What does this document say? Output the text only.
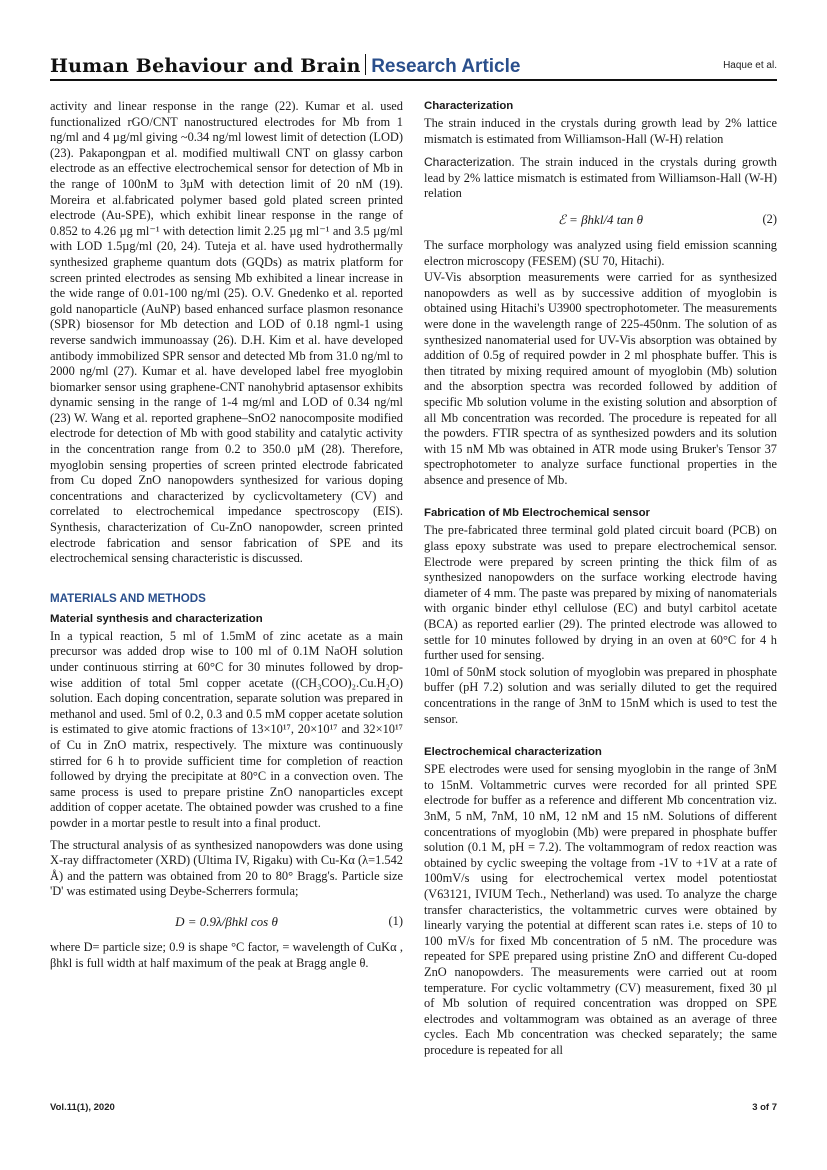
Human Behaviour and Brain Research Article	Haque et al.

activity and linear response in the range (22). Kumar et al. used functionalized rGO/CNT nanostructured electrodes for Mb from 1 ng/ml and 4 µg/ml giving ~0.34 ng/ml lowest limit of detection (LOD) (23). Pakapongpan et al. modified multiwall CNT on glassy carbon electrode as an effective electrochemical sensor for detection of Mb in the range of 100nM to 3µM with detection limit of 20 nM (19). Moreira et al.fabricated polymer based gold plated screen printed electrode (Au-SPE), which exhibit linear response in the range of 0.852 to 4.26 µg ml⁻¹ with detection limit 2.25 µg ml⁻¹ and 3.5 µg/ml with LOD 1.5µg/ml (20, 24). Tuteja et al. have used hydrothermally synthesized grapheme quantum dots (GQDs) as matrix platform for screen printed electrodes as sensing Mb exhibited a linear increase in the wide range of 0.01-100 ng/ml (25). O.V. Gnedenko et al. reported gold nanoparticle (AuNP) based enhanced surface plasmon resonance (SPR) biosensor for Mb detection and LOD of 0.18 ngml-1 using reverse sandwich immunoassay (26). D.H. Kim et al. have developed antibody immobilized SPR sensor and detected Mb from 31.0 ng/ml to 2000 ng/ml (27). Kumar et al. have developed label free myoglobin biomarker sensor using graphene-CNT nanohybrid aptasensor exhibits dynamic sensing in the range of 1-4 mg/ml and LOD of 0.34 ng/ml (23) W. Wang et al. reported graphene–SnO2 nanocomposite modified electrode for detection of Mb with good stability and catalytic activity in the concentration range from 0.2 to 350.0 µM (28). Therefore, myoglobin sensing properties of screen printed electrode fabricated from Cu doped ZnO nanopowders synthesized for various doping concentrations and characterized by cyclicvoltametery (CV) and correlated to electrochemical impedance spectroscopy (EIS). Synthesis, characterization of Cu-ZnO nanopowder, screen printed electrode fabrication and sensor fabrication of SPE and its electrochemical sensing characteristic is discussed.

MATERIALS AND METHODS
Material synthesis and characterization

In a typical reaction, 5 ml of 1.5mM of zinc acetate as a main precursor was added drop wise to 100 ml of 0.1M NaOH solution under continuous stirring at 60°C for 30 minutes followed by drop-wise addition of total 5ml copper acetate ((CH₃COO)₂.Cu.H₂O) solution. Each doping concentration, separate solution was prepared in methanol and used. 5ml of 0.2, 0.3 and 0.5 mM copper acetate solution is estimated to give atomic fractions of 13×10¹⁷, 20×10¹⁷ and 32×10¹⁷ of Cu in ZnO matrix, respectively. The mixture was continuously stirred for 6 h to provide sufficient time for completion of reaction followed by drying the precipitate at 80°C in a convection oven. The same process is used to prepare pristine ZnO nanoparticles except addition of copper acetate. The obtained powder was crushed to a fine powder in a mortar pestle to result into a final product.

The structural analysis of as synthesized nanopowders was done using X-ray diffractometer (XRD) (Ultima IV, Rigaku) with Cu-Kα (λ=1.542 Å) and the pattern was obtained from 20 to 80° Bragg's. Particle size 'D' was estimated using Deybe-Scherrers formula;

D = 0.9λ/βhkl cos θ	(1)

where D= particle size; 0.9 is shape °C factor, = wavelength of CuKα , βhkl is full width at half maximum of the peak at Bragg angle θ.

Characterization

The strain induced in the crystals during growth lead by 2% lattice mismatch is estimated from Williamson-Hall (W-H) relation

Characterization. The strain induced in the crystals during growth lead by 2% lattice mismatch is estimated from Williamson-Hall (W-H) relation

ℰ = βhkl/4 tan θ	(2)

The surface morphology was analyzed using field emission scanning electron microscopy (FESEM) (SU 70, Hitachi).

UV-Vis absorption measurements were carried for as synthesized nanopowders as well as by successive addition of myoglobin is obtained using Hitachi's U3900 spectrophotometer. The measurements were done in the wavelength range of 225-450nm. The solution of as synthesized nanomaterial used for UV-Vis absorption was obtained by addition of 0.5g of required powder in 2 ml phosphate buffer. This is then titrated by mixing required amount of myoglobin (Mb) solution and the absorption spectra was recorded followed by addition of specific Mb solution volume in the existing solution and absorption of all Mb concentration was recorded. The procedure is repeated for all the powders. FTIR spectra of as synthesized powders and its solution with 15 nM Mb was obtained in ATR mode using Bruker's Tensor 37 spectrophotometer to analyze surface functional properties in the absence and presence of Mb.

Fabrication of Mb Electrochemical sensor

The pre-fabricated three terminal gold plated circuit board (PCB) on glass epoxy substrate was used to prepare electrochemical sensor. Electrode were prepared by screen printing the thick film of as synthesized nanopowders on the surface working electrode having diameter of 4 mm. The paste was prepared by mixing of nanomaterials with organic binder ethyl cellulose (EC) and butyl carbitol acetate (BCA) as reported earlier (29). The printed electrode was allowed to settle for 10 minutes followed by drying in an oven at 60°C for 4 h further used for sensing.

10ml of 50nM stock solution of myoglobin was prepared in phosphate buffer (pH 7.2) solution and was serially diluted to get the required concentrations in the range of 3nM to 15nM which is used to test the sensor.

Electrochemical characterization

SPE electrodes were used for sensing myoglobin in the range of 3nM to 15nM. Voltammetric curves were recorded for all printed SPE electrode for buffer as a reference and different Mb concentration viz. 3nM, 5 nM, 7nM, 10 nM, 12 nM and 15 nM. Solutions of different concentrations of myoglobin (Mb) were prepared in phosphate buffer solution (0.1 M, pH = 7.2). The voltammogram of redox reaction was obtained by cyclic sweeping the voltage from -1V to +1V at a rate of 100mV/s using for electrochemical vertex model potentiostat (V63121, IVIUM Tech., Netherland) was used. To analyze the charge transfer characteristics, the voltammetric curves were obtained by linearly varying the potential at different scan rates i.e. steps of 10 to 100 mV/s for fixed Mb concentration of 5 nM. The procedure was repeated for SPE prepared using pristine ZnO and different Cu-doped ZnO nanopowders. The measurements were carried out at room temperature. For cyclic voltammetry (CV) measurement, fixed 30 µl of Mb solution of required concentration was dropped on SPE electrodes and voltammogram was obtained as an average of three cycles. Each Mb concentration was checked separately; the same procedure is repeated for all

Vol.11(1), 2020	3 of 7
